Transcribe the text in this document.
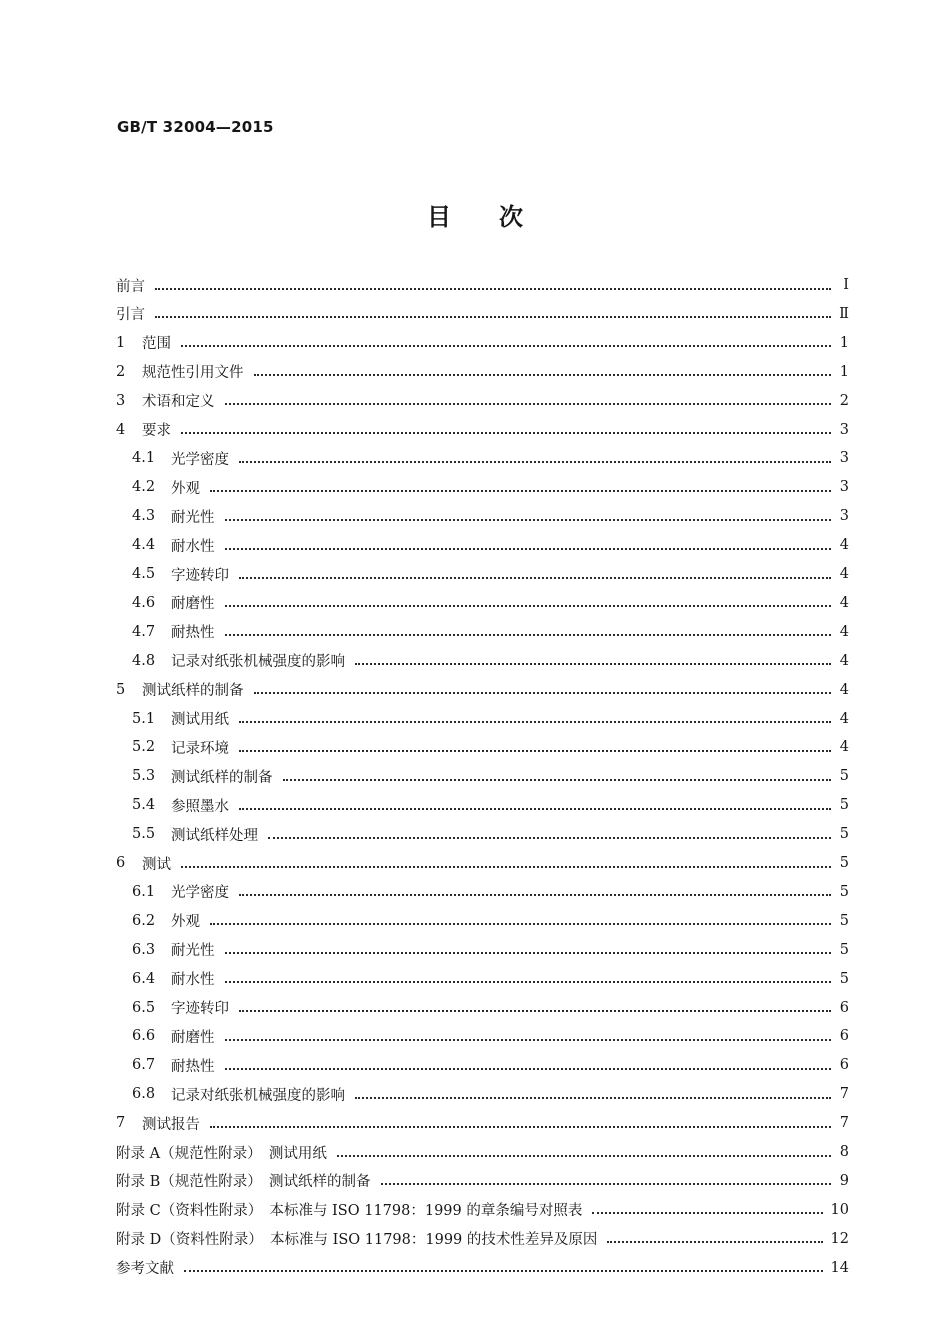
GB/T 32004—2015
目　　次
前言	Ⅰ
引言	Ⅱ
1	范围	1
2	规范性引用文件	1
3	术语和定义	2
4	要求	3
4.1	光学密度	3
4.2	外观	3
4.3	耐光性	3
4.4	耐水性	4
4.5	字迹转印	4
4.6	耐磨性	4
4.7	耐热性	4
4.8	记录对纸张机械强度的影响	4
5	测试纸样的制备	4
5.1	测试用纸	4
5.2	记录环境	4
5.3	测试纸样的制备	5
5.4	参照墨水	5
5.5	测试纸样处理	5
6	测试	5
6.1	光学密度	5
6.2	外观	5
6.3	耐光性	5
6.4	耐水性	5
6.5	字迹转印	6
6.6	耐磨性	6
6.7	耐热性	6
6.8	记录对纸张机械强度的影响	7
7	测试报告	7
附录 A（规范性附录）　测试用纸	8
附录 B（规范性附录）　测试纸样的制备	9
附录 C（资料性附录）　本标准与 ISO 11798：1999 的章条编号对照表	10
附录 D（资料性附录）　本标准与 ISO 11798：1999 的技术性差异及原因	12
参考文献	14
